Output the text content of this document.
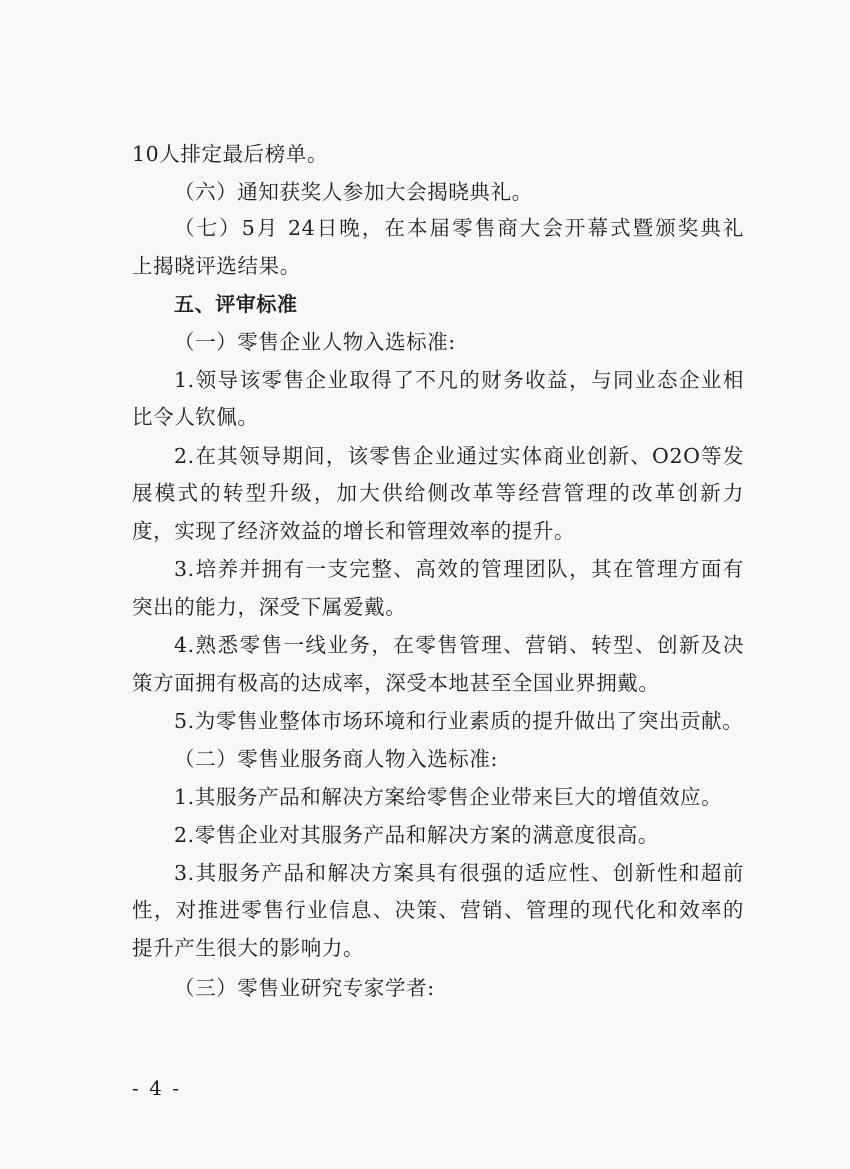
10人排定最后榜单。
（六）通知获奖人参加大会揭晓典礼。
（七）5月 24日晚，在本届零售商大会开幕式暨颁奖典礼
上揭晓评选结果。
五、评审标准
（一）零售企业人物入选标准:
1.领导该零售企业取得了不凡的财务收益，与同业态企业相
比令人钦佩。
2.在其领导期间，该零售企业通过实体商业创新、O2O等发
展模式的转型升级，加大供给侧改革等经营管理的改革创新力
度，实现了经济效益的增长和管理效率的提升。
3.培养并拥有一支完整、高效的管理团队，其在管理方面有
突出的能力，深受下属爱戴。
4.熟悉零售一线业务，在零售管理、营销、转型、创新及决
策方面拥有极高的达成率，深受本地甚至全国业界拥戴。
5.为零售业整体市场环境和行业素质的提升做出了突出贡献。
（二）零售业服务商人物入选标准:
1.其服务产品和解决方案给零售企业带来巨大的增值效应。
2.零售企业对其服务产品和解决方案的满意度很高。
3.其服务产品和解决方案具有很强的适应性、创新性和超前
性，对推进零售行业信息、决策、营销、管理的现代化和效率的
提升产生很大的影响力。
（三）零售业研究专家学者:
- 4 -
